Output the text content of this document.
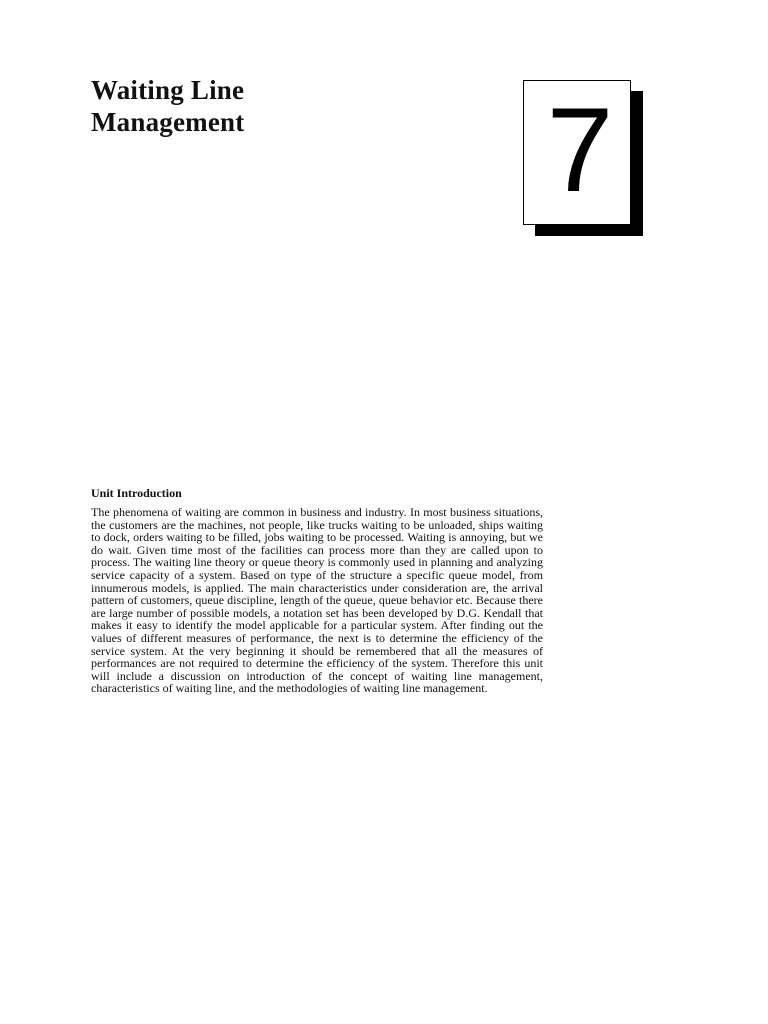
Waiting Line
Management	7
Unit Introduction

The phenomena of waiting are common in business and industry. In most business situations, the customers are the machines, not people, like trucks waiting to be unloaded, ships waiting to dock, orders waiting to be filled, jobs waiting to be processed. Waiting is annoying, but we do wait. Given time most of the facilities can process more than they are called upon to process. The waiting line theory or queue theory is commonly used in planning and analyzing service capacity of a system. Based on type of the structure a specific queue model, from innumerous models, is applied. The main characteristics under consideration are, the arrival pattern of customers, queue discipline, length of the queue, queue behavior etc. Because there are large number of possible models, a notation set has been developed by D.G. Kendall that makes it easy to identify the model applicable for a particular system. After finding out the values of different measures of performance, the next is to determine the efficiency of the service system. At the very beginning it should be remembered that all the measures of performances are not required to determine the efficiency of the system. Therefore this unit will include a discussion on introduction of the concept of waiting line management, characteristics of waiting line, and the methodologies of waiting line management.
